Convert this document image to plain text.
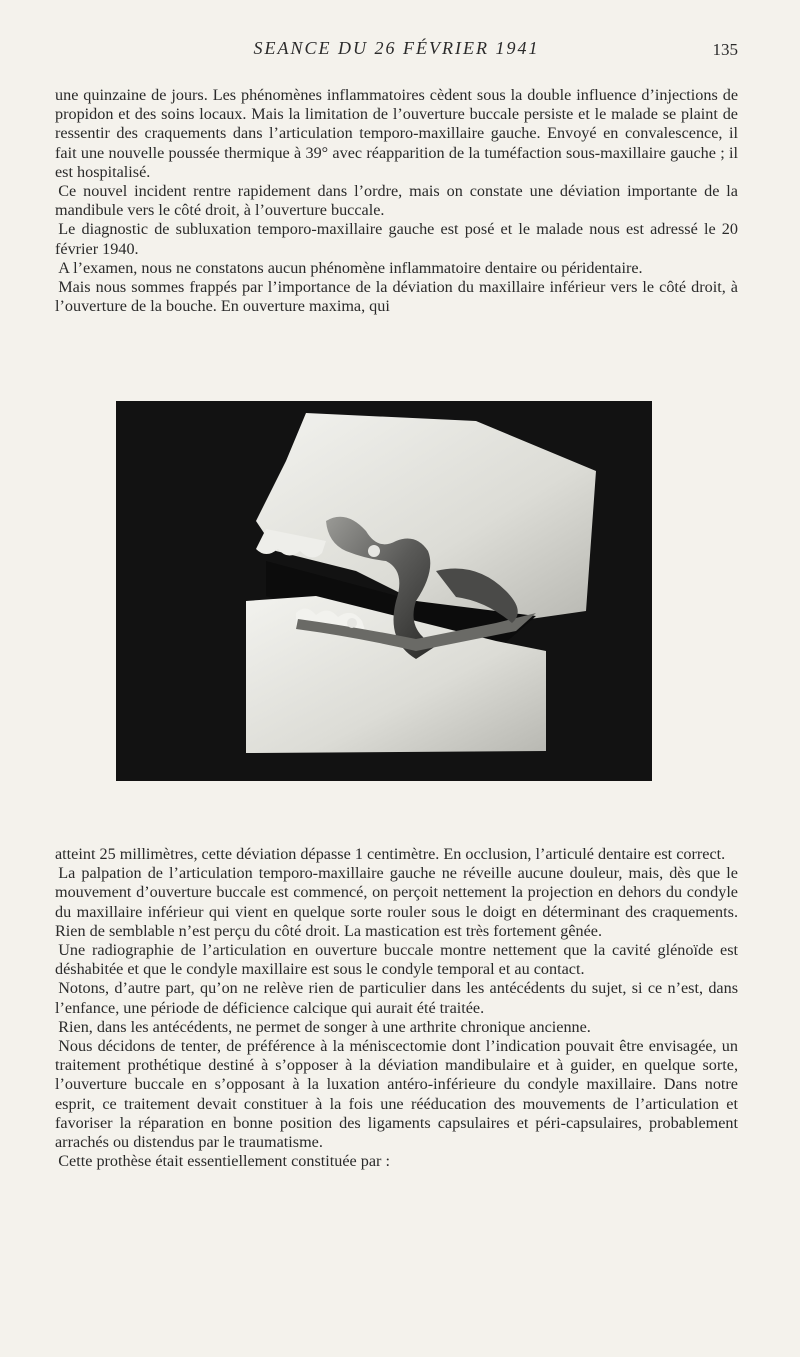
SEANCE DU 26 FÉVRIER 1941	135

une quinzaine de jours. Les phénomènes inflammatoires cèdent sous la double influence d’injections de propidon et des soins locaux. Mais la limitation de l’ouverture buccale persiste et le malade se plaint de ressentir des craquements dans l’articulation temporo-maxillaire gauche. Envoyé en convalescence, il fait une nouvelle poussée thermique à 39° avec réapparition de la tuméfaction sous-maxillaire gauche ; il est hospitalisé.

Ce nouvel incident rentre rapidement dans l’ordre, mais on constate une déviation importante de la mandibule vers le côté droit, à l’ouverture buccale.

Le diagnostic de subluxation temporo-maxillaire gauche est posé et le malade nous est adressé le 20 février 1940.

A l’examen, nous ne constatons aucun phénomène inflammatoire dentaire ou péridentaire.

Mais nous sommes frappés par l’importance de la déviation du maxillaire inférieur vers le côté droit, à l’ouverture de la bouche. En ouverture maxima, qui

atteint 25 millimètres, cette déviation dépasse 1 centimètre. En occlusion, l’articulé dentaire est correct.

La palpation de l’articulation temporo-maxillaire gauche ne réveille aucune douleur, mais, dès que le mouvement d’ouverture buccale est commencé, on perçoit nettement la projection en dehors du condyle du maxillaire inférieur qui vient en quelque sorte rouler sous le doigt en déterminant des craquements. Rien de semblable n’est perçu du côté droit. La mastication est très fortement gênée.

Une radiographie de l’articulation en ouverture buccale montre nettement que la cavité glénoïde est déshabitée et que le condyle maxillaire est sous le condyle temporal et au contact.

Notons, d’autre part, qu’on ne relève rien de particulier dans les antécédents du sujet, si ce n’est, dans l’enfance, une période de déficience calcique qui aurait été traitée.

Rien, dans les antécédents, ne permet de songer à une arthrite chronique ancienne.

Nous décidons de tenter, de préférence à la méniscectomie dont l’indication pouvait être envisagée, un traitement prothétique destiné à s’opposer à la déviation mandibulaire et à guider, en quelque sorte, l’ouverture buccale en s’opposant à la luxation antéro-inférieure du condyle maxillaire. Dans notre esprit, ce traitement devait constituer à la fois une rééducation des mouvements de l’articulation et favoriser la réparation en bonne position des ligaments capsulaires et péri-capsulaires, probablement arrachés ou distendus par le traumatisme.

Cette prothèse était essentiellement constituée par :
